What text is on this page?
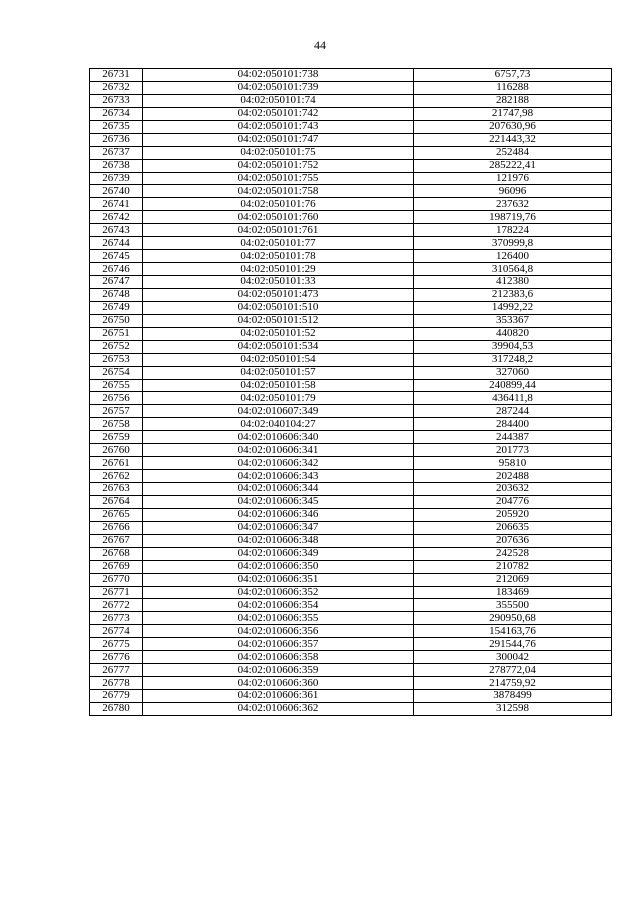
44
26731	04:02:050101:738	6757,73
26732	04:02:050101:739	116288
26733	04:02:050101:74	282188
26734	04:02:050101:742	21747,98
26735	04:02:050101:743	207630,96
26736	04:02:050101:747	221443,32
26737	04:02:050101:75	252484
26738	04:02:050101:752	285222,41
26739	04:02:050101:755	121976
26740	04:02:050101:758	96096
26741	04:02:050101:76	237632
26742	04:02:050101:760	198719,76
26743	04:02:050101:761	178224
26744	04:02:050101:77	370999,8
26745	04:02:050101:78	126400
26746	04:02:050101:29	310564,8
26747	04:02:050101:33	412380
26748	04:02:050101:473	212383,6
26749	04:02:050101:510	14992,22
26750	04:02:050101:512	353367
26751	04:02:050101:52	440820
26752	04:02:050101:534	39904,53
26753	04:02:050101:54	317248,2
26754	04:02:050101:57	327060
26755	04:02:050101:58	240899,44
26756	04:02:050101:79	436411,8
26757	04:02:010607:349	287244
26758	04:02:040104:27	284400
26759	04:02:010606:340	244387
26760	04:02:010606:341	201773
26761	04:02:010606:342	95810
26762	04:02:010606:343	202488
26763	04:02:010606:344	203632
26764	04:02:010606:345	204776
26765	04:02:010606:346	205920
26766	04:02:010606:347	206635
26767	04:02:010606:348	207636
26768	04:02:010606:349	242528
26769	04:02:010606:350	210782
26770	04:02:010606:351	212069
26771	04:02:010606:352	183469
26772	04:02:010606:354	355500
26773	04:02:010606:355	290950,68
26774	04:02:010606:356	154163,76
26775	04:02:010606:357	291544,76
26776	04:02:010606:358	300042
26777	04:02:010606:359	278772,04
26778	04:02:010606:360	214759,92
26779	04:02:010606:361	3878499
26780	04:02:010606:362	312598
